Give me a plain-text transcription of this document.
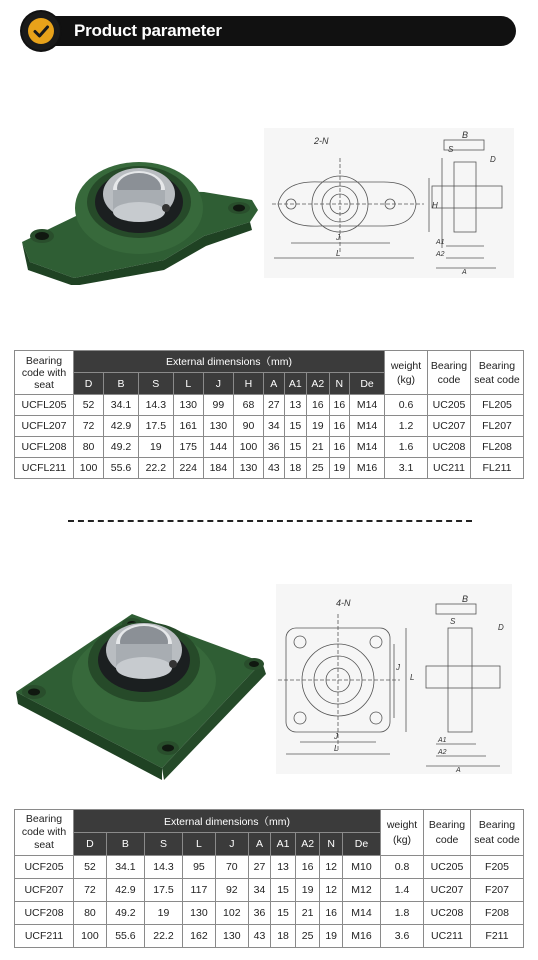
Product parameter
2-N
B
S
D
H
J
L
A1
A2
A
Bearing code with seat	External dimensions（mm)											weight (kg)	Bearing code	Bearing seat code
	D	B	S	L	J	H	A	A1	A2	N	De			
UCFL205	52	34.1	14.3	130	99	68	27	13	16	16	M14	0.6	UC205	FL205
UCFL207	72	42.9	17.5	161	130	90	34	15	19	16	M14	1.2	UC207	FL207
UCFL208	80	49.2	19	175	144	100	36	15	21	16	M14	1.6	UC208	FL208
UCFL211	100	55.6	22.2	224	184	130	43	18	25	19	M16	3.1	UC211	FL211
4-N	B
S
D
J
L
J
L
A1
A2
A
Bearing code with seat	External dimensions（mm)										weight (kg)	Bearing code	Bearing seat code
	D	B	S	L	J	A	A1	A2	N	De			
UCF205	52	34.1	14.3	95	70	27	13	16	12	M10	0.8	UC205	F205
UCF207	72	42.9	17.5	117	92	34	15	19	12	M12	1.4	UC207	F207
UCF208	80	49.2	19	130	102	36	15	21	16	M14	1.8	UC208	F208
UCF211	100	55.6	22.2	162	130	43	18	25	19	M16	3.6	UC211	F211
